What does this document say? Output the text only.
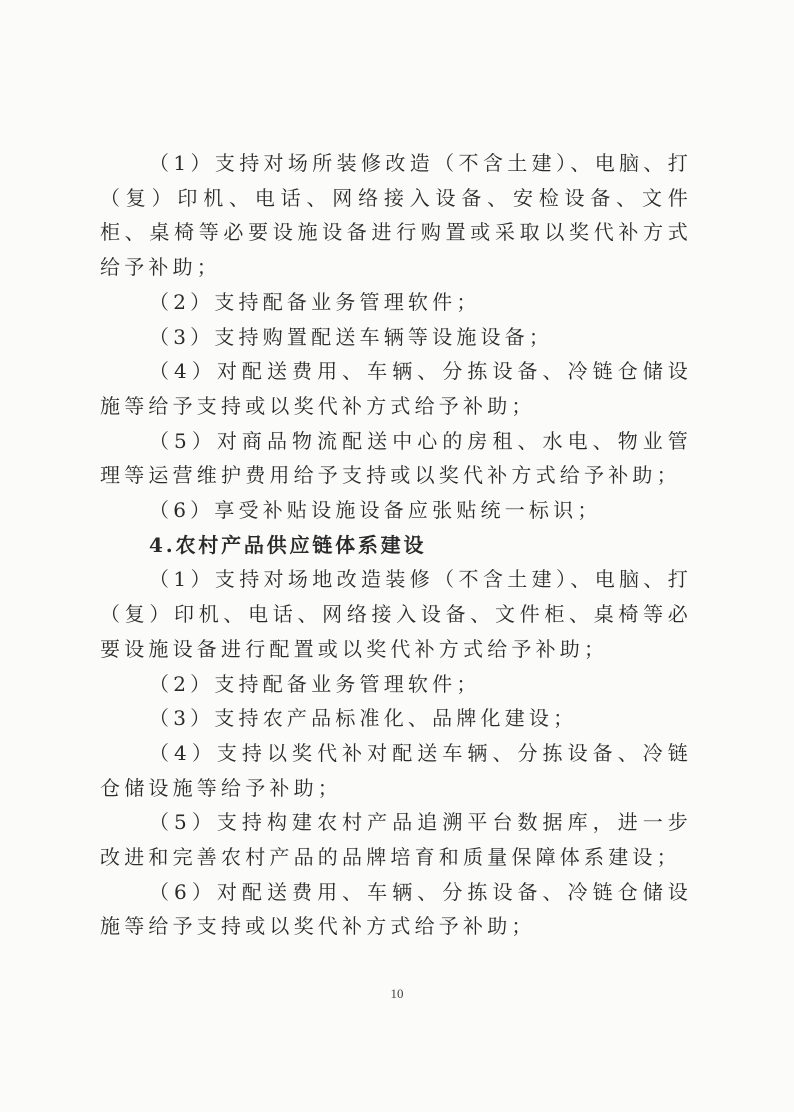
（1）支持对场所装修改造（不含土建）、电脑、打（复）印机、电话、网络接入设备、安检设备、文件柜、桌椅等必要设施设备进行购置或采取以奖代补方式给予补助；

（2）支持配备业务管理软件；

（3）支持购置配送车辆等设施设备；

（4）对配送费用、车辆、分拣设备、冷链仓储设施等给予支持或以奖代补方式给予补助；

（5）对商品物流配送中心的房租、水电、物业管理等运营维护费用给予支持或以奖代补方式给予补助；

（6）享受补贴设施设备应张贴统一标识；

4.农村产品供应链体系建设

（1）支持对场地改造装修（不含土建）、电脑、打（复）印机、电话、网络接入设备、文件柜、桌椅等必要设施设备进行配置或以奖代补方式给予补助；

（2）支持配备业务管理软件；

（3）支持农产品标准化、品牌化建设；

（4）支持以奖代补对配送车辆、分拣设备、冷链仓储设施等给予补助；

（5）支持构建农村产品追溯平台数据库，进一步改进和完善农村产品的品牌培育和质量保障体系建设；

（6）对配送费用、车辆、分拣设备、冷链仓储设施等给予支持或以奖代补方式给予补助；

10
